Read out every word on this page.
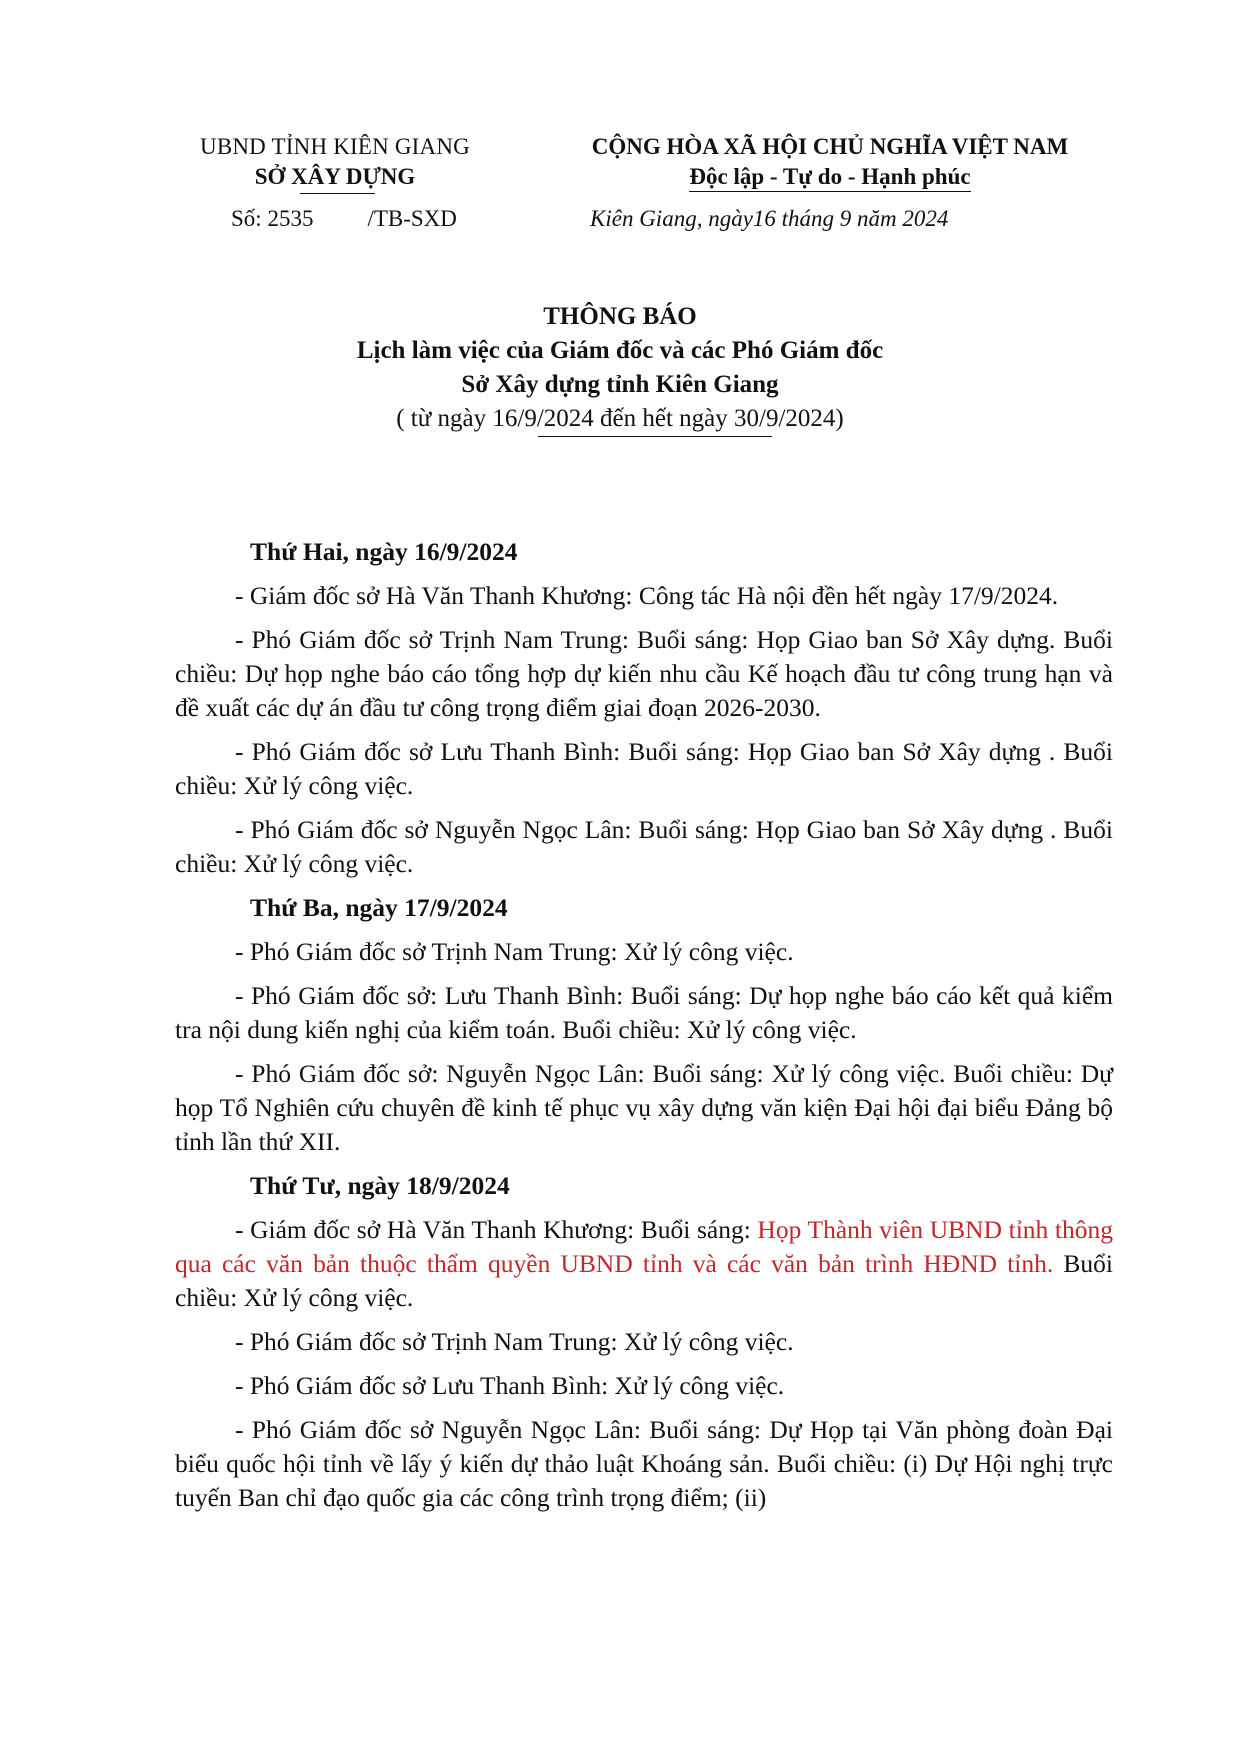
UBND TỈNH KIÊN GIANG
SỞ XÂY DỰNG
CỘNG HÒA XÃ HỘI CHỦ NGHĨA VIỆT NAM
Độc lập - Tự do - Hạnh phúc
Số: 2535 /TB-SXD	Kiên Giang, ngày16 tháng 9 năm 2024
THÔNG BÁO
Lịch làm việc của Giám đốc và các Phó Giám đốc
Sở Xây dựng tỉnh Kiên Giang
( từ ngày 16/9/2024 đến hết ngày 30/9/2024)

Thứ Hai, ngày 16/9/2024

- Giám đốc sở Hà Văn Thanh Khương: Công tác Hà nội đền hết ngày 17/9/2024.

- Phó Giám đốc sở Trịnh Nam Trung: Buổi sáng: Họp Giao ban Sở Xây dựng. Buổi chiều: Dự họp nghe báo cáo tổng hợp dự kiến nhu cầu Kế hoạch đầu tư công trung hạn và đề xuất các dự án đầu tư công trọng điểm giai đoạn 2026-2030.

- Phó Giám đốc sở Lưu Thanh Bình: Buổi sáng: Họp Giao ban Sở Xây dựng . Buổi chiều: Xử lý công việc.

- Phó Giám đốc sở Nguyễn Ngọc Lân: Buổi sáng: Họp Giao ban Sở Xây dựng . Buổi chiều: Xử lý công việc.

Thứ Ba, ngày 17/9/2024

- Phó Giám đốc sở Trịnh Nam Trung: Xử lý công việc.

- Phó Giám đốc sở: Lưu Thanh Bình: Buổi sáng: Dự họp nghe báo cáo kết quả kiểm tra nội dung kiến nghị của kiểm toán. Buổi chiều: Xử lý công việc.

- Phó Giám đốc sở: Nguyễn Ngọc Lân: Buổi sáng: Xử lý công việc. Buổi chiều: Dự họp Tổ Nghiên cứu chuyên đề kinh tế phục vụ xây dựng văn kiện Đại hội đại biểu Đảng bộ tỉnh lần thứ XII.

Thứ Tư, ngày 18/9/2024

- Giám đốc sở Hà Văn Thanh Khương: Buổi sáng: Họp Thành viên UBND tỉnh thông qua các văn bản thuộc thẩm quyền UBND tỉnh và các văn bản trình HĐND tỉnh. Buổi chiều: Xử lý công việc.

- Phó Giám đốc sở Trịnh Nam Trung: Xử lý công việc.

- Phó Giám đốc sở Lưu Thanh Bình: Xử lý công việc.

- Phó Giám đốc sở Nguyễn Ngọc Lân: Buổi sáng: Dự Họp tại Văn phòng đoàn Đại biểu quốc hội tỉnh về lấy ý kiến dự thảo luật Khoáng sản. Buổi chiều: (i) Dự Hội nghị trực tuyến Ban chỉ đạo quốc gia các công trình trọng điểm; (ii)
